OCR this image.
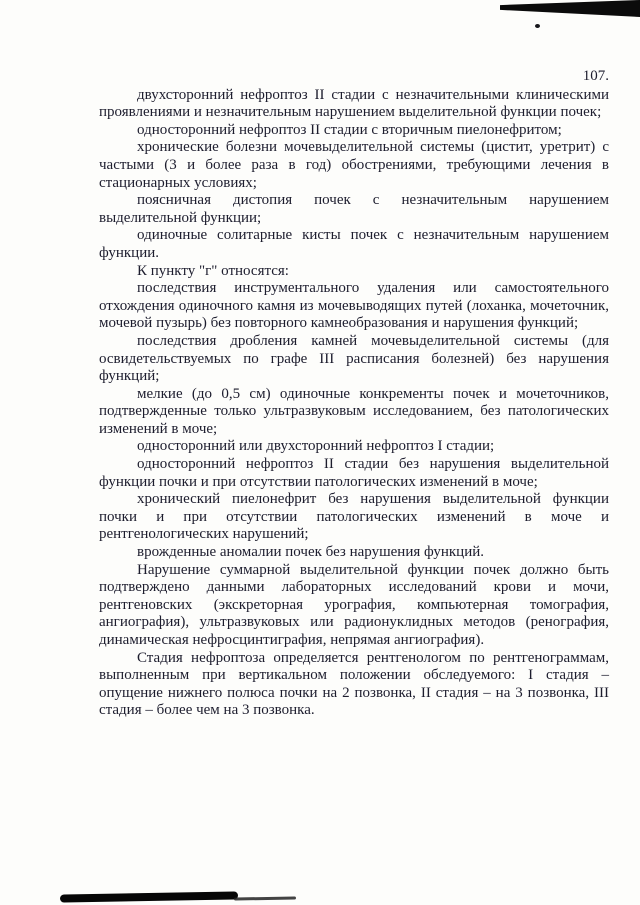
107.

двухсторонний нефроптоз II стадии с незначительными клиническими проявлениями и незначительным нарушением выделительной функции почек;

односторонний нефроптоз II стадии с вторичным пиелонефритом;

хронические болезни мочевыделительной системы (цистит, уретрит) с частыми (3 и более раза в год) обострениями, требующими лечения в стационарных условиях;

поясничная дистопия почек с незначительным нарушением выделительной функции;

одиночные солитарные кисты почек с незначительным нарушением функции.

К пункту "г" относятся:

последствия инструментального удаления или самостоятельного отхождения одиночного камня из мочевыводящих путей (лоханка, мочеточник, мочевой пузырь) без повторного камнеобразования и нарушения функций;

последствия дробления камней мочевыделительной системы (для освидетельствуемых по графе III расписания болезней) без нарушения функций;

мелкие (до 0,5 см) одиночные конкременты почек и мочеточников, подтвержденные только ультразвуковым исследованием, без патологических изменений в моче;

односторонний или двухсторонний нефроптоз I стадии;

односторонний нефроптоз II стадии без нарушения выделительной функции почки и при отсутствии патологических изменений в моче;

хронический пиелонефрит без нарушения выделительной функции почки и при отсутствии патологических изменений в моче и рентгенологических нарушений;

врожденные аномалии почек без нарушения функций.

Нарушение суммарной выделительной функции почек должно быть подтверждено данными лабораторных исследований крови и мочи, рентгеновских (экскреторная урография, компьютерная томография, ангиография), ультразвуковых или радионуклидных методов (ренография, динамическая нефросцинтиграфия, непрямая ангиография).

Стадия нефроптоза определяется рентгенологом по рентгенограммам, выполненным при вертикальном положении обследуемого: I стадия – опущение нижнего полюса почки на 2 позвонка, II стадия – на 3 позвонка, III стадия – более чем на 3 позвонка.
